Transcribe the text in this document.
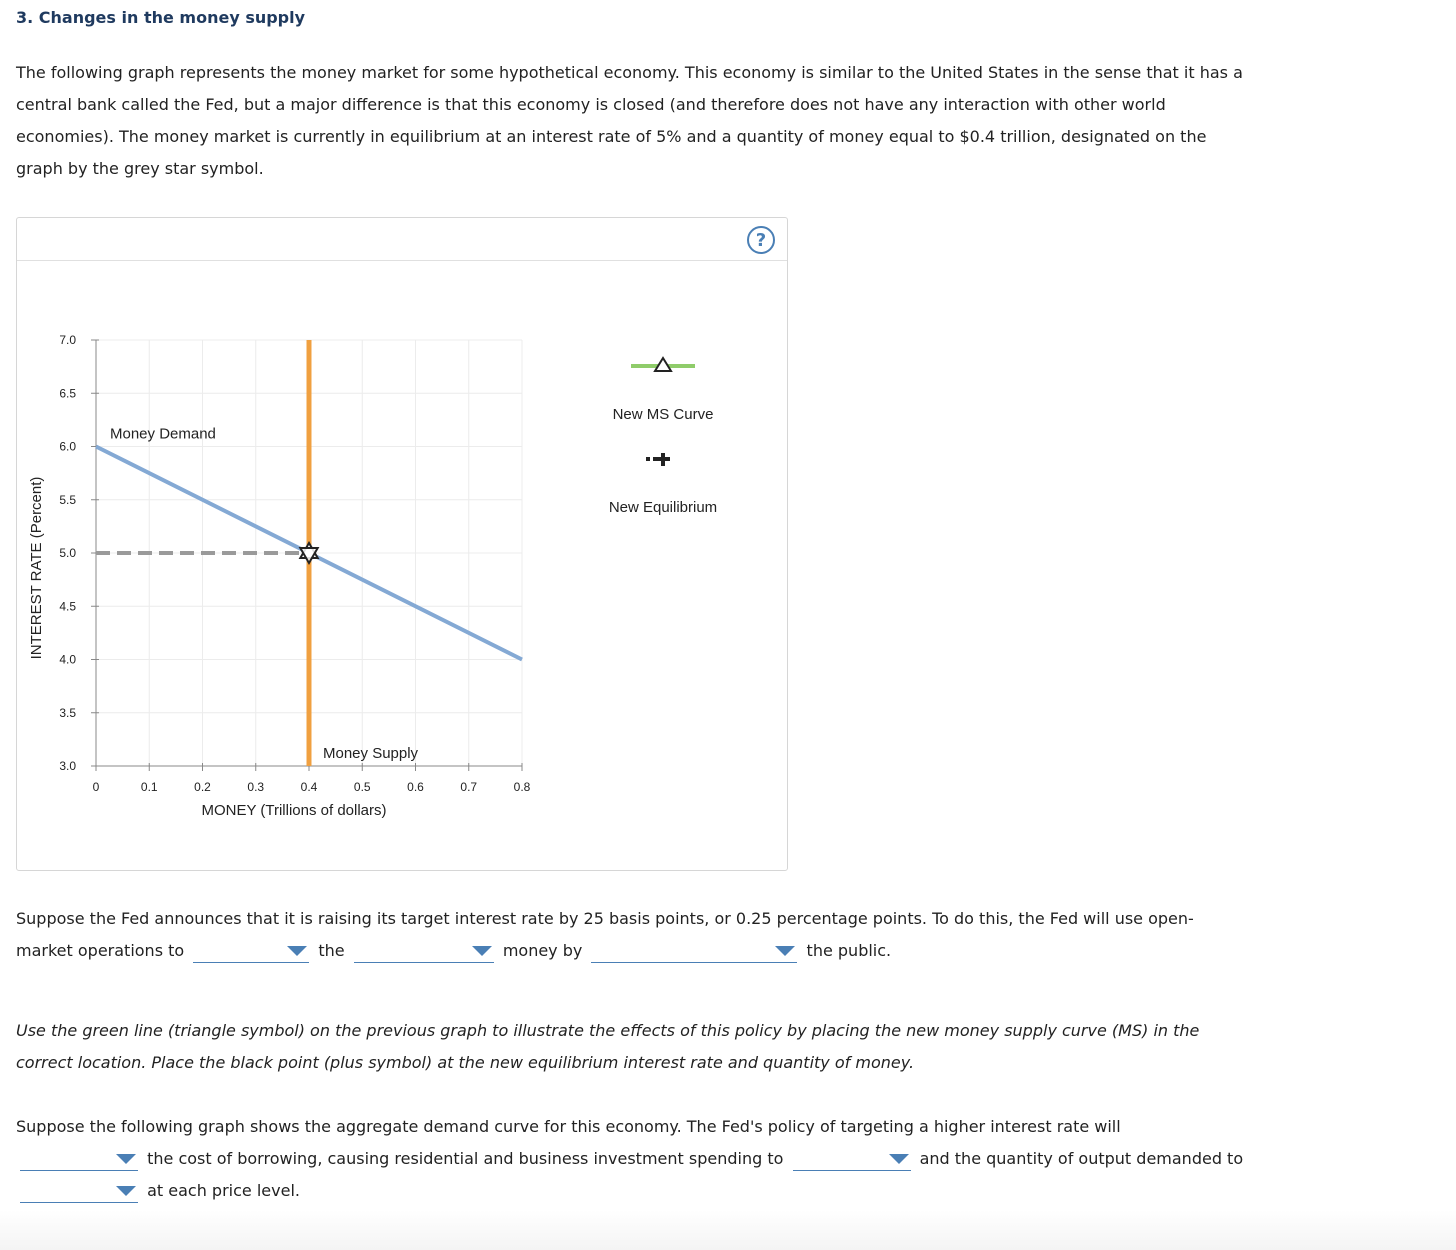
3. Changes in the money supply
The following graph represents the money market for some hypothetical economy. This economy is similar to the United States in the sense that it has a central bank called the Fed, but a major difference is that this economy is closed (and therefore does not have any interaction with other world economies). The money market is currently in equilibrium at an interest rate of 5% and a quantity of money equal to $0.4 trillion, designated on the graph by the grey star symbol.
?
3.0
3.5
4.0
4.5
5.0
5.5
6.0
6.5
7.0
0	0.1	0.2	0.3	0.4	0.5	0.6	0.7	0.8
MONEY (Trillions of dollars)
INTEREST RATE (Percent)
Money Demand
Money Supply
New MS Curve
New Equilibrium
Suppose the Fed announces that it is raising its target interest rate by 25 basis points, or 0.25 percentage points. To do this, the Fed will use open-market operations to	the	money by	the public.
Use the green line (triangle symbol) on the previous graph to illustrate the effects of this policy by placing the new money supply curve (MS) in the correct location. Place the black point (plus symbol) at the new equilibrium interest rate and quantity of money.
Suppose the following graph shows the aggregate demand curve for this economy. The Fed's policy of targeting a higher interest rate will

the cost of borrowing, causing residential and business investment spending to	and the quantity of output demanded to

at each price level.
